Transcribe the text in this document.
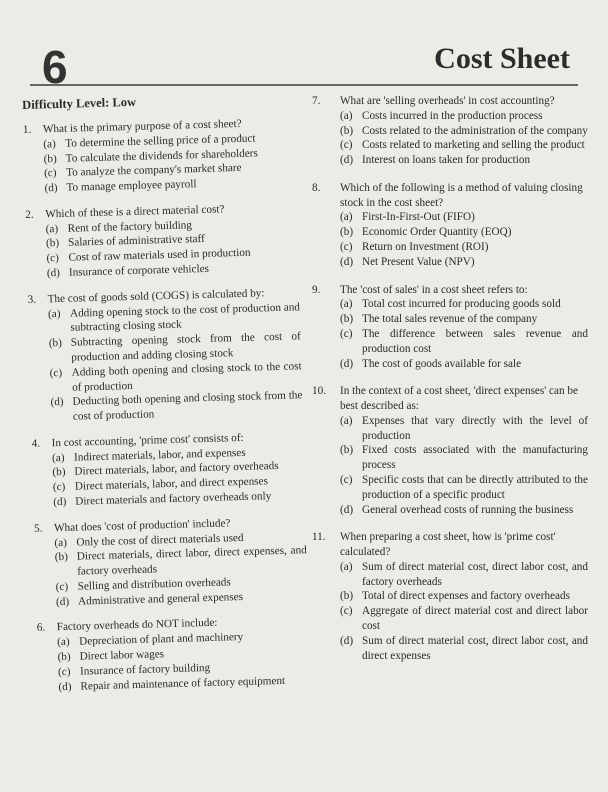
6	Cost Sheet
Difficulty Level: Low
1.	What is the primary purpose of a cost sheet?
(a) To determine the selling price of a product
(b) To calculate the dividends for shareholders
(c) To analyze the company's market share
(d) To manage employee payroll
2.	Which of these is a direct material cost?
(a) Rent of the factory building
(b) Salaries of administrative staff
(c) Cost of raw materials used in production
(d) Insurance of corporate vehicles
3.	The cost of goods sold (COGS) is calculated by:
(a) Adding opening stock to the cost of production and subtracting closing stock
(b) Subtracting opening stock from the cost of production and adding closing stock
(c) Adding both opening and closing stock to the cost of production
(d) Deducting both opening and closing stock from the cost of production
4.	In cost accounting, 'prime cost' consists of:
(a) Indirect materials, labor, and expenses
(b) Direct materials, labor, and factory overheads
(c) Direct materials, labor, and direct expenses
(d) Direct materials and factory overheads only
5.	What does 'cost of production' include?
(a) Only the cost of direct materials used
(b) Direct materials, direct labor, direct expenses, and factory overheads
(c) Selling and distribution overheads
(d) Administrative and general expenses
6.	Factory overheads do NOT include:
(a) Depreciation of plant and machinery
(b) Direct labor wages
(c) Insurance of factory building
(d) Repair and maintenance of factory equipment
7.	What are 'selling overheads' in cost accounting?
(a) Costs incurred in the production process
(b) Costs related to the administration of the company
(c) Costs related to marketing and selling the product
(d) Interest on loans taken for production
8.	Which of the following is a method of valuing closing stock in the cost sheet?
(a) First-In-First-Out (FIFO)
(b) Economic Order Quantity (EOQ)
(c) Return on Investment (ROI)
(d) Net Present Value (NPV)
9.	The 'cost of sales' in a cost sheet refers to:
(a) Total cost incurred for producing goods sold
(b) The total sales revenue of the company
(c) The difference between sales revenue and production cost
(d) The cost of goods available for sale
10.	In the context of a cost sheet, 'direct expenses' can be best described as:
(a) Expenses that vary directly with the level of production
(b) Fixed costs associated with the manufacturing process
(c) Specific costs that can be directly attributed to the production of a specific product
(d) General overhead costs of running the business
11.	When preparing a cost sheet, how is 'prime cost' calculated?
(a) Sum of direct material cost, direct labor cost, and factory overheads
(b) Total of direct expenses and factory overheads
(c) Aggregate of direct material cost and direct labor cost
(d) Sum of direct material cost, direct labor cost, and direct expenses
